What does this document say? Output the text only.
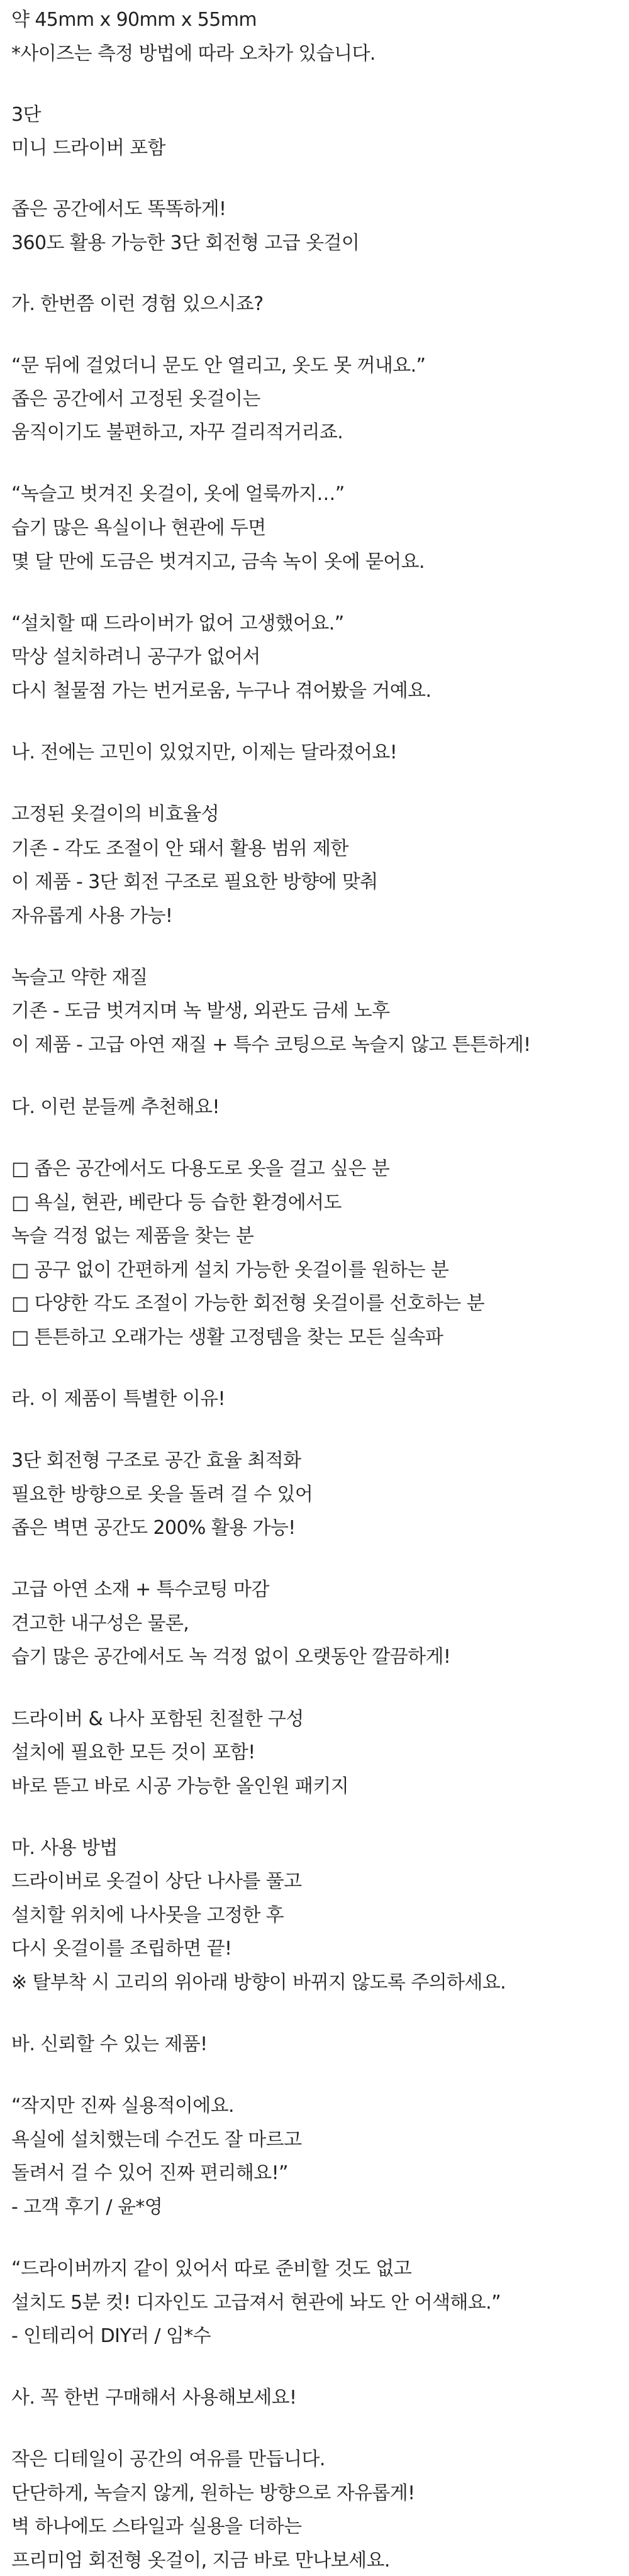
약 45mm x 90mm x 55mm

*사이즈는 측정 방법에 따라 오차가 있습니다.

3단

미니 드라이버 포함

좁은 공간에서도 똑똑하게!

360도 활용 가능한 3단 회전형 고급 옷걸이

가. 한번쯤 이런 경험 있으시죠?

“문 뒤에 걸었더니 문도 안 열리고, 옷도 못 꺼내요.”

좁은 공간에서 고정된 옷걸이는

움직이기도 불편하고, 자꾸 걸리적거리죠.

“녹슬고 벗겨진 옷걸이, 옷에 얼룩까지…”

습기 많은 욕실이나 현관에 두면

몇 달 만에 도금은 벗겨지고, 금속 녹이 옷에 묻어요.

“설치할 때 드라이버가 없어 고생했어요.”

막상 설치하려니 공구가 없어서

다시 철물점 가는 번거로움, 누구나 겪어봤을 거예요.

나. 전에는 고민이 있었지만, 이제는 달라졌어요!

고정된 옷걸이의 비효율성

기존 - 각도 조절이 안 돼서 활용 범위 제한

이 제품 - 3단 회전 구조로 필요한 방향에 맞춰

자유롭게 사용 가능!

녹슬고 약한 재질

기존 - 도금 벗겨지며 녹 발생, 외관도 금세 노후

이 제품 - 고급 아연 재질 + 특수 코팅으로 녹슬지 않고 튼튼하게!

다. 이런 분들께 추천해요!

□ 좁은 공간에서도 다용도로 옷을 걸고 싶은 분

□ 욕실, 현관, 베란다 등 습한 환경에서도

녹슬 걱정 없는 제품을 찾는 분

□ 공구 없이 간편하게 설치 가능한 옷걸이를 원하는 분

□ 다양한 각도 조절이 가능한 회전형 옷걸이를 선호하는 분

□ 튼튼하고 오래가는 생활 고정템을 찾는 모든 실속파

라. 이 제품이 특별한 이유!

3단 회전형 구조로 공간 효율 최적화

필요한 방향으로 옷을 돌려 걸 수 있어

좁은 벽면 공간도 200% 활용 가능!

고급 아연 소재 + 특수코팅 마감

견고한 내구성은 물론,

습기 많은 공간에서도 녹 걱정 없이 오랫동안 깔끔하게!

드라이버 & 나사 포함된 친절한 구성

설치에 필요한 모든 것이 포함!

바로 뜯고 바로 시공 가능한 올인원 패키지

마. 사용 방법

드라이버로 옷걸이 상단 나사를 풀고

설치할 위치에 나사못을 고정한 후

다시 옷걸이를 조립하면 끝!

※ 탈부착 시 고리의 위아래 방향이 바뀌지 않도록 주의하세요.

바. 신뢰할 수 있는 제품!

“작지만 진짜 실용적이에요.

욕실에 설치했는데 수건도 잘 마르고

돌려서 걸 수 있어 진짜 편리해요!”

- 고객 후기 / 윤*영

“드라이버까지 같이 있어서 따로 준비할 것도 없고

설치도 5분 컷! 디자인도 고급져서 현관에 놔도 안 어색해요.”

- 인테리어 DIY러 / 임*수

사. 꼭 한번 구매해서 사용해보세요!

작은 디테일이 공간의 여유를 만듭니다.

단단하게, 녹슬지 않게, 원하는 방향으로 자유롭게!

벽 하나에도 스타일과 실용을 더하는

프리미엄 회전형 옷걸이, 지금 바로 만나보세요.
